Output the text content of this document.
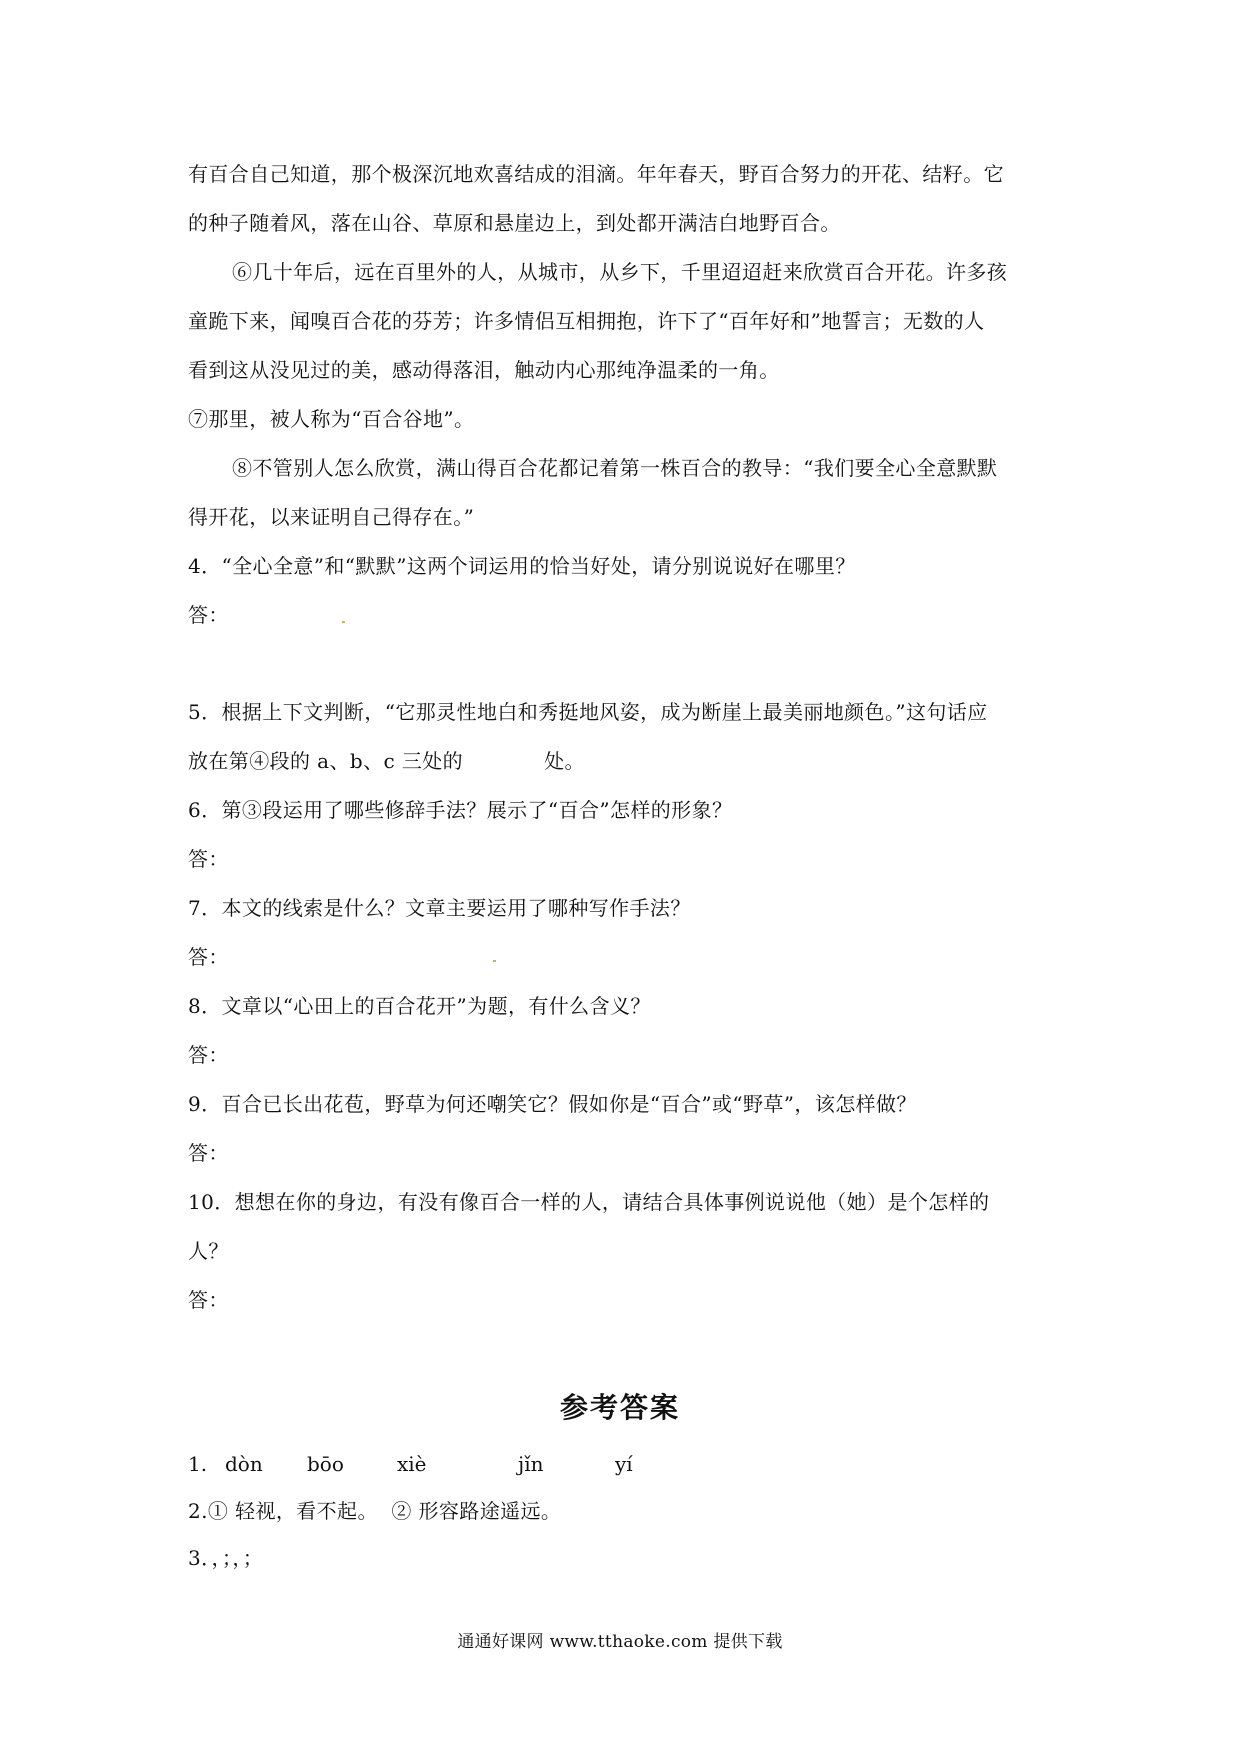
有百合自己知道，那个极深沉地欢喜结成的泪滴。年年春天，野百合努力的开花、结籽。它
的种子随着风，落在山谷、草原和悬崖边上，到处都开满洁白地野百合。
⑥几十年后，远在百里外的人，从城市，从乡下，千里迢迢赶来欣赏百合开花。许多孩
童跪下来，闻嗅百合花的芬芳；许多情侣互相拥抱，许下了“百年好和”地誓言；无数的人
看到这从没见过的美，感动得落泪，触动内心那纯净温柔的一角。
⑦那里，被人称为“百合谷地”。
⑧不管别人怎么欣赏，满山得百合花都记着第一株百合的教导：“我们要全心全意默默
得开花，以来证明自己得存在。”
4．“全心全意”和“默默”这两个词运用的恰当好处，请分别说说好在哪里？
答：
5．根据上下文判断，“它那灵性地白和秀挺地风姿，成为断崖上最美丽地颜色。”这句话应
放在第④段的 a、b、c 三处的            处。
6．第③段运用了哪些修辞手法？展示了“百合”怎样的形象？
答：
7．本文的线索是什么？文章主要运用了哪种写作手法？
答：
8．文章以“心田上的百合花开”为题，有什么含义？
答：
9．百合已长出花苞，野草为何还嘲笑它？假如你是“百合”或“野草”，该怎样做？
答：
10．想想在你的身边，有没有像百合一样的人，请结合具体事例说说他（她）是个怎样的
人？
答：
参考答案
1. dòn bōo	xiè	jǐn	yí
2.① 轻视，看不起。  ② 形容路途遥远。
3．，；，；
通通好课网 www.tthaoke.com 提供下载
